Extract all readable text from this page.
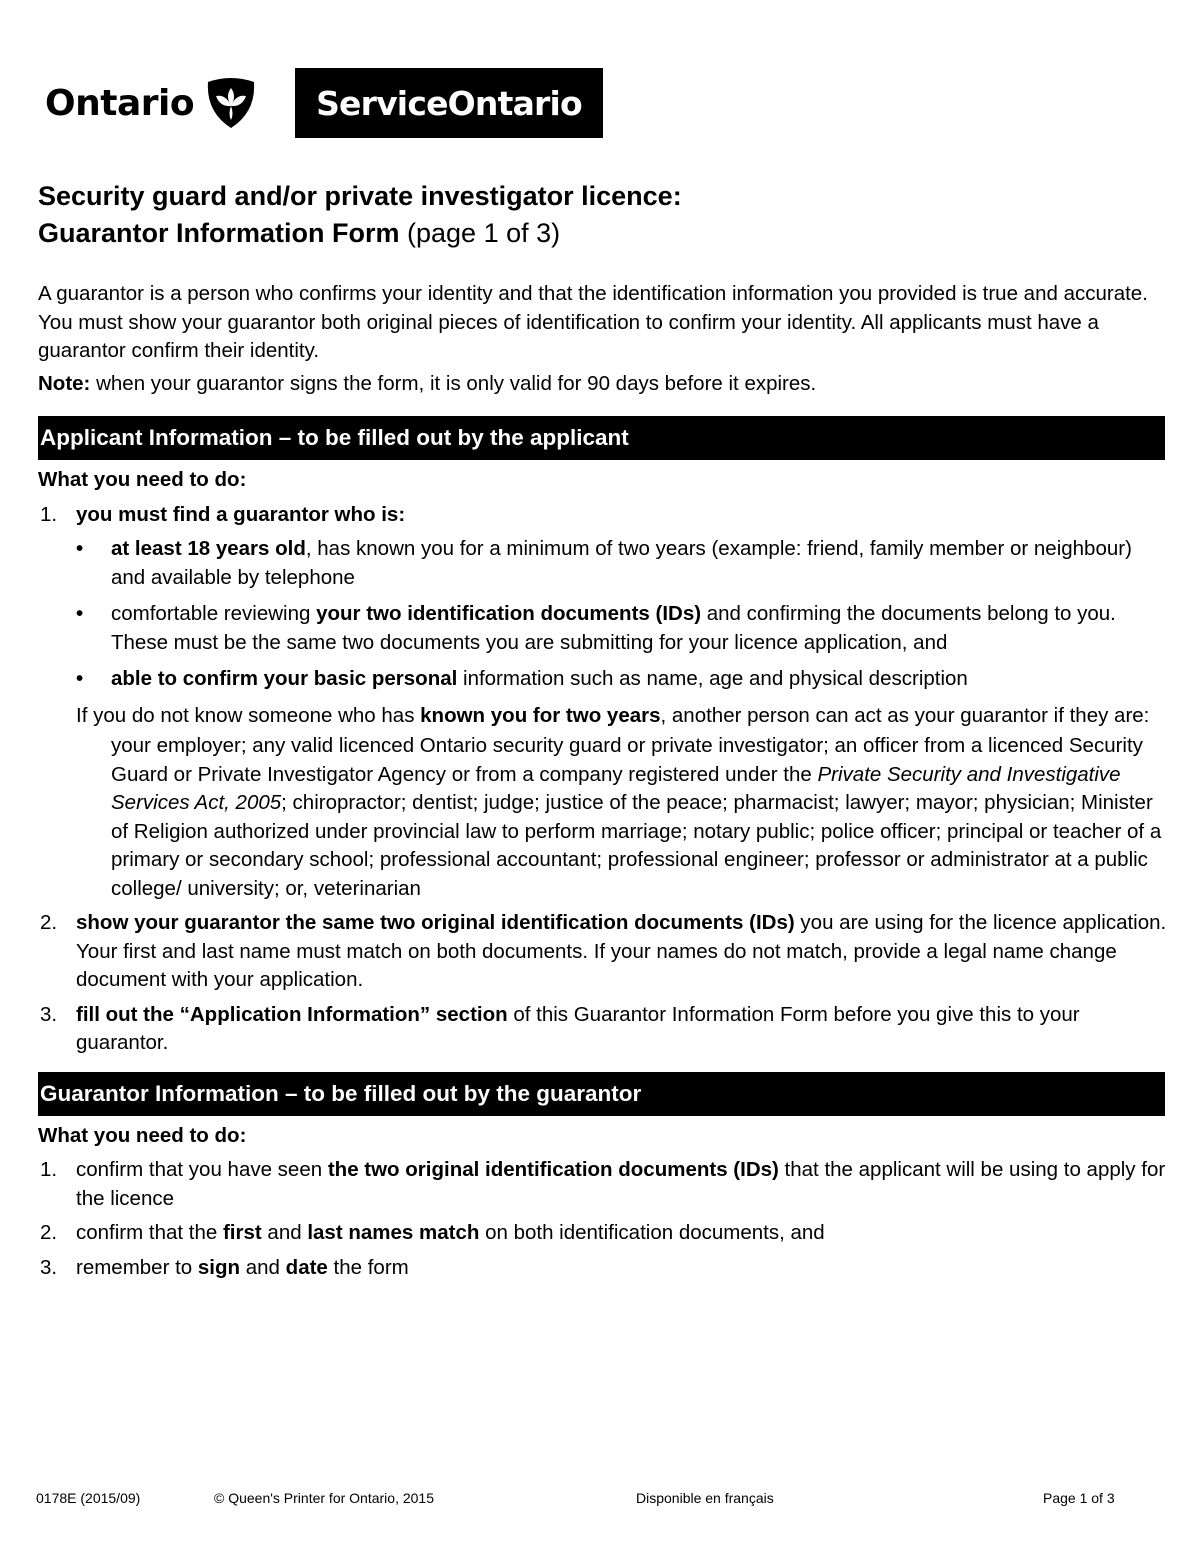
Ontario	ServiceOntario
Security guard and/or private investigator licence:
Guarantor Information Form (page 1 of 3)

A guarantor is a person who confirms your identity and that the identification information you provided is true and accurate. You must show your guarantor both original pieces of identification to confirm your identity. All applicants must have a guarantor confirm their identity.

Note: when your guarantor signs the form, it is only valid for 90 days before it expires.

Applicant Information – to be filled out by the applicant

What you need to do:

1. you must find a guarantor who is:
• at least 18 years old, has known you for a minimum of two years (example: friend, family member or neighbour) and available by telephone
• comfortable reviewing your two identification documents (IDs) and confirming the documents belong to you. These must be the same two documents you are submitting for your licence application, and
• able to confirm your basic personal information such as name, age and physical description

If you do not know someone who has known you for two years, another person can act as your guarantor if they are:

your employer; any valid licenced Ontario security guard or private investigator; an officer from a licenced Security Guard or Private Investigator Agency or from a company registered under the Private Security and Investigative Services Act, 2005; chiropractor; dentist; judge; justice of the peace; pharmacist; lawyer; mayor; physician; Minister of Religion authorized under provincial law to perform marriage; notary public; police officer; principal or teacher of a primary or secondary school; professional accountant; professional engineer; professor or administrator at a public college/ university; or, veterinarian

2. show your guarantor the same two original identification documents (IDs) you are using for the licence application. Your first and last name must match on both documents. If your names do not match, provide a legal name change document with your application.
3. fill out the “Application Information” section of this Guarantor Information Form before you give this to your guarantor.
Guarantor Information – to be filled out by the guarantor

What you need to do:

1. confirm that you have seen the two original identification documents (IDs) that the applicant will be using to apply for the licence
2. confirm that the first and last names match on both identification documents, and
3. remember to sign and date the form
0178E (2015/09)	© Queen's Printer for Ontario, 2015	Disponible en français	Page 1 of 3
